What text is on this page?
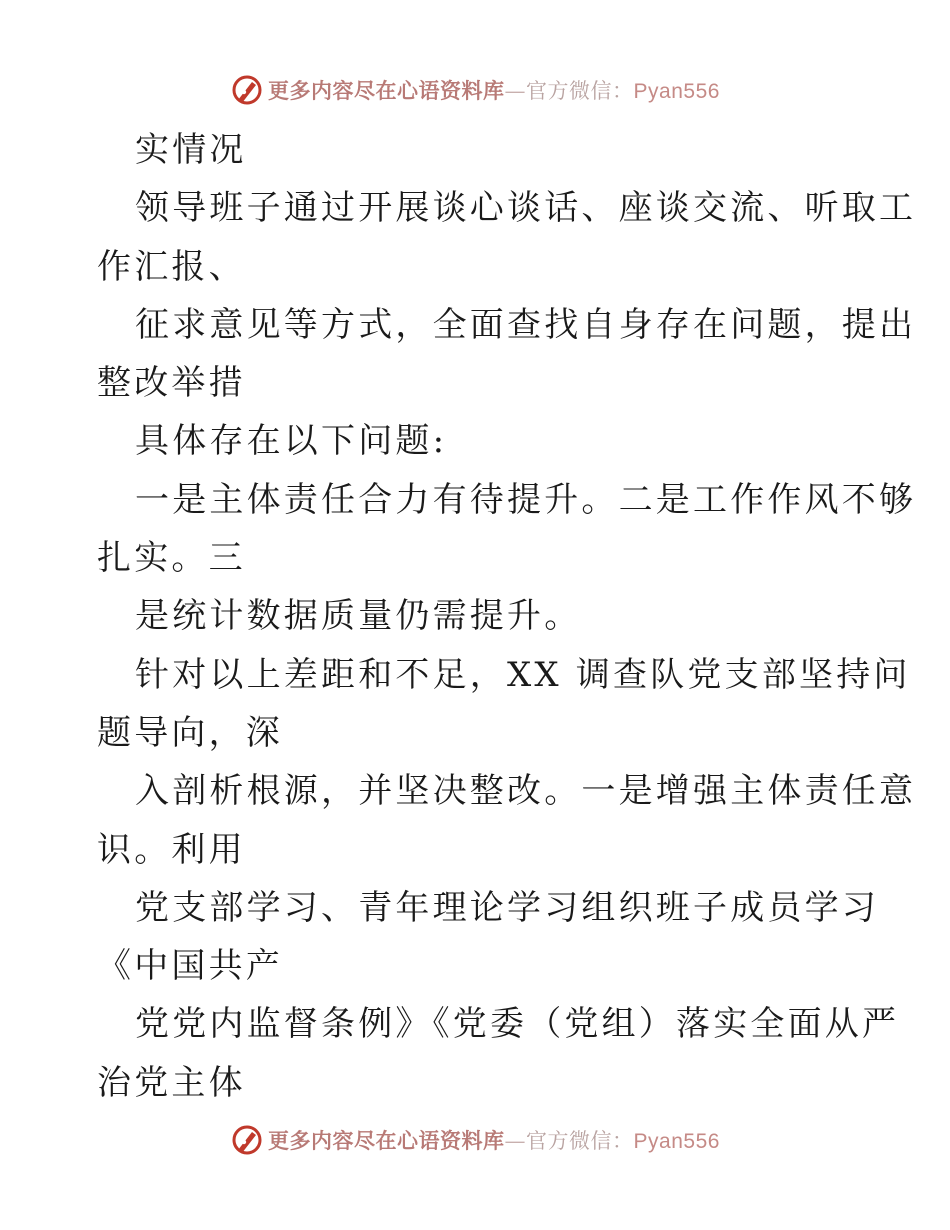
更多内容尽在心语资料库—官方微信：Pyan556
实情况
领导班子通过开展谈心谈话、座谈交流、听取工
作汇报、
征求意见等方式，全面查找自身存在问题，提出
整改举措
具体存在以下问题:
一是主体责任合力有待提升。二是工作作风不够
扎实。三
是统计数据质量仍需提升。
针对以上差距和不足，XX 调查队党支部坚持问
题导向，深
入剖析根源，并坚决整改。一是增强主体责任意
识。利用
党支部学习、青年理论学习组织班子成员学习
《中国共产
党党内监督条例》《党委（党组）落实全面从严
治党主体
更多内容尽在心语资料库—官方微信：Pyan556
